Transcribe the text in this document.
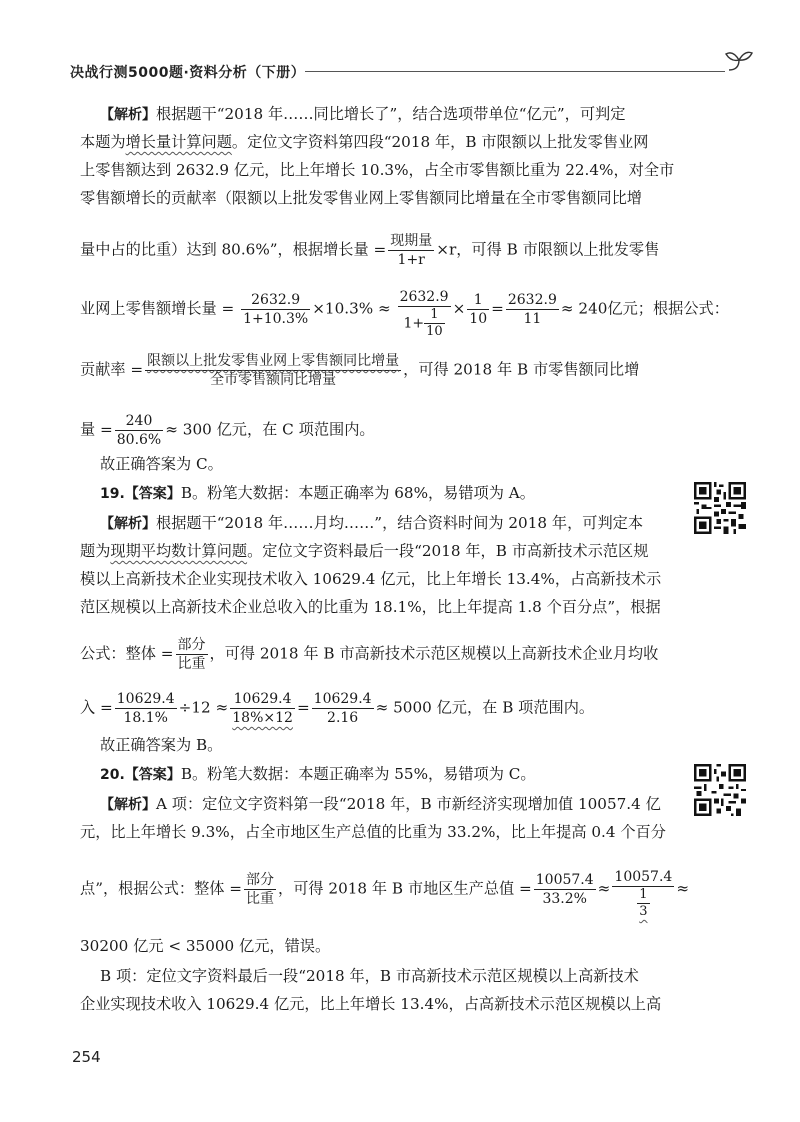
决战行测5000题·资料分析（下册）
【解析】根据题干“2018 年……同比增长了”，结合选项带单位“亿元”，可判定
本题为增长量计算问题。定位文字资料第四段“2018 年，B 市限额以上批发零售业网
上零售额达到 2632.9 亿元，比上年增长 10.3%，占全市零售额比重为 22.4%，对全市
零售额增长的贡献率（限额以上批发零售业网上零售额同比增量在全市零售额同比增
量中占的比重）达到 80.6%”，根据增长量 = $\frac{\text{现期量}}{1+r} \times r$，可得 B 市限额以上批发零售
业网上零售额增长量 = $\frac{2632.9}{1+10.3\%} \times 10.3\% \approx \frac{2632.9}{1+ \frac{1}{10}} \times \frac{1}{10} = \frac{2632.9}{11} \approx 240$亿元；根据公式：
贡献率 = $\frac{\text{限额以上批发零售业网上零售额同比增量}}{\text{全市零售额同比增量}}$ ，可得 2018 年 B 市零售额同比增
量 = $\frac{240}{80.6\%} \approx 300$ 亿元，在 C 项范围内。
故正确答案为 C。
19.【答案】B。粉笔大数据：本题正确率为 68%，易错项为 A。
【解析】根据题干“2018 年……月均……”，结合资料时间为 2018 年，可判定本
题为现期平均数计算问题。定位文字资料最后一段“2018 年，B 市高新技术示范区规
模以上高新技术企业实现技术收入 10629.4 亿元，比上年增长 13.4%，占高新技术示
范区规模以上高新技术企业总收入的比重为 18.1%，比上年提高 1.8 个百分点”，根据
公式：整体 = $\frac{\text{部分}}{\text{比重}}$ ，可得 2018 年 B 市高新技术示范区规模以上高新技术企业月均收
入 = $\frac{10629.4}{18.1\%} \div 12 \approx \frac{10629.4}{18\%\times 12} = \frac{10629.4}{2.16} \approx 5000$ 亿元，在 B 项范围内。
故正确答案为 B。
20.【答案】B。粉笔大数据：本题正确率为 55%，易错项为 C。
【解析】A 项：定位文字资料第一段“2018 年，B 市新经济实现增加值 10057.4 亿
元，比上年增长 9.3%，占全市地区生产总值的比重为 33.2%，比上年提高 0.4 个百分
点”，根据公式：整体 = $\frac{\text{部分}}{\text{比重}}$ ，可得 2018 年 B 市地区生产总值 = $\frac{10057.4}{33.2\%} \approx \frac{10057.4}{\frac{1}{3}}$ ≈
30200 亿元 < 35000 亿元，错误。
B 项：定位文字资料最后一段“2018 年，B 市高新技术示范区规模以上高新技术
企业实现技术收入 10629.4 亿元，比上年增长 13.4%，占高新技术示范区规模以上高
254
